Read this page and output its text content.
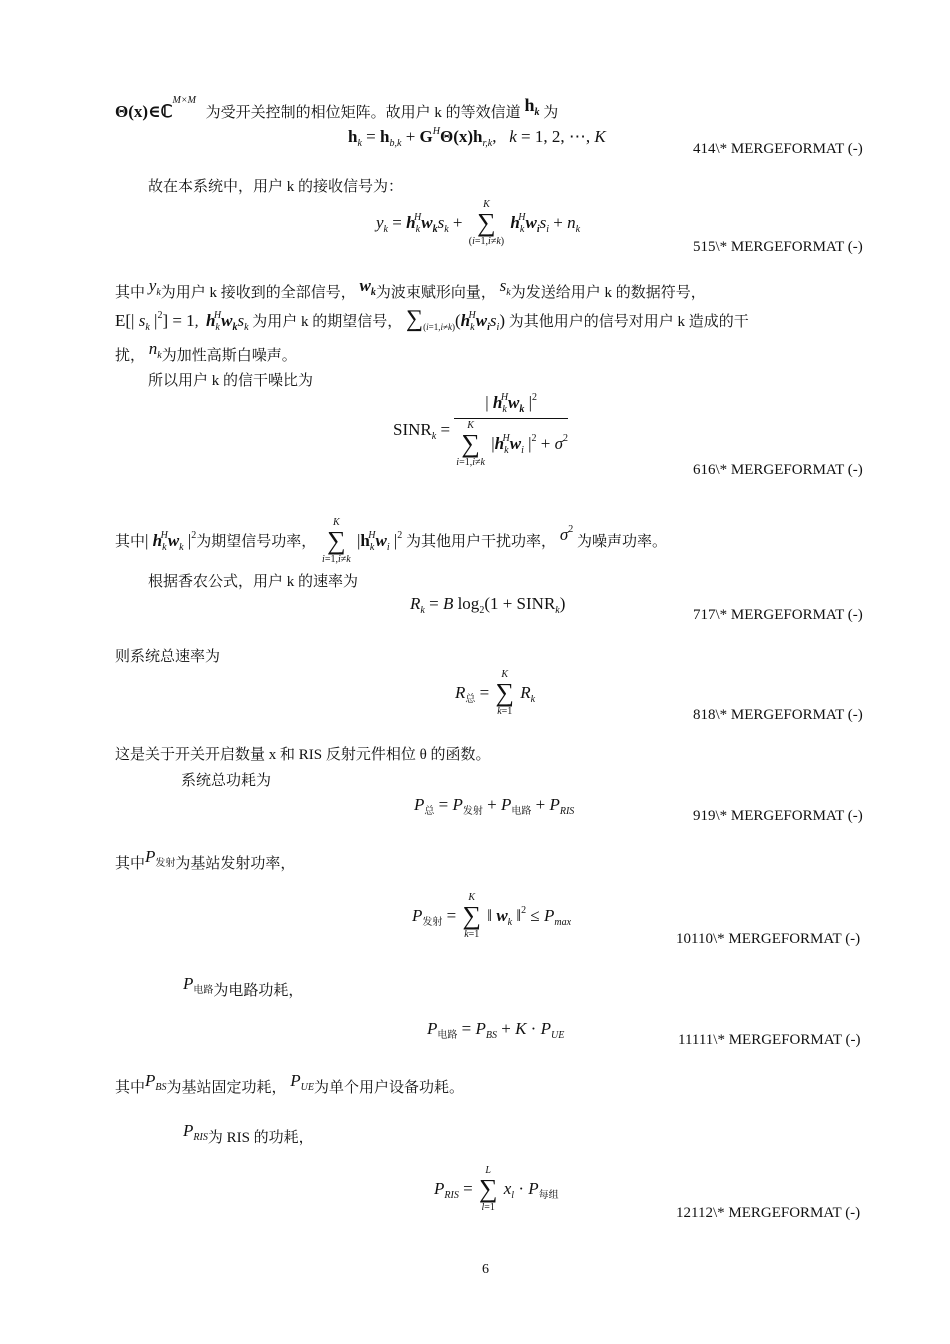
Θ(x)∈ℂ$^{M\times M}$ 为受开关控制的相位矩阵。故用户 k 的等效信道 $h_k$ 为
$h_k = h_{b,k} + G^H\Theta(x)h_{r,k}$,   k = 1, 2, ⋯, K
414\* MERGEFORMAT (-)
故在本系统中，用户 k 的接收信号为：
$y_k = h_k^Hw_ks_k$ +
K
∑
(i=1,i≠k)
$h_k^Hw_is_i + n_k$
515\* MERGEFORMAT (-)
其中 $y_k$为用户 k 接收到的全部信号， $w_k$为波束赋形向量， $s_k$为发送给用户 k 的数据符号，
E[| $s_k$ $|^2] = 1$,  $h_k^Hw_ks_k$ 为用户 k 的期望信号， $\sum_{(i=1,i\ne k)}(h_k^Hw_is_i)$ 为其他用户的信号对用户 k 造成的干
扰， $n_k$为加性高斯白噪声。
所以用户 k 的信干噪比为
$SINR_k$ = | $h_k^Hw_k$ $|^2$
K
∑
i=1,i≠k
$|h_k^Hw_i$ $|^2 + \sigma^2$
616\* MERGEFORMAT (-)
其中| $h_k^Hw_k$ $|^2$为期望信号功率，
K
∑
i=1,i≠k
$|h_k^Hw_i$ $|^2$ 为其他用户干扰功率， $\sigma^2$ 为噪声功率。
根据香农公式，用户 k 的速率为
$R_k = B$ $\log_2(1$ + $SINR_k$)
717\* MERGEFORMAT (-)
则系统总速率为
$R_总$ =
K
∑
k=1
$R_k$
818\* MERGEFORMAT (-)
这是关于开关开启数量 x 和 RIS 反射元件相位 θ 的函数。
系统总功耗为
$P_总 = P_{发射} + P_{电路} + P_{RIS}$	919\* MERGEFORMAT (-)
其中$P_{发射}$为基站发射功率，
$P_{发射}$ =
K
∑
k=1
‖ $w_k$ ‖$^2$ ≤ $P_{max}$
10110\* MERGEFORMAT (-)
$P_{电路}$为电路功耗，
$P_{电路} = P_{BS} + K \cdot P_{UE}$	11111\* MERGEFORMAT (-)
其中$P_{BS}$为基站固定功耗， $P_{UE}$为单个用户设备功耗。
$P_{RIS}$为 RIS 的功耗，
$P_{RIS}$ =
L
∑
l=1
$x_l \cdot P_{每组}$
12112\* MERGEFORMAT (-)
6
